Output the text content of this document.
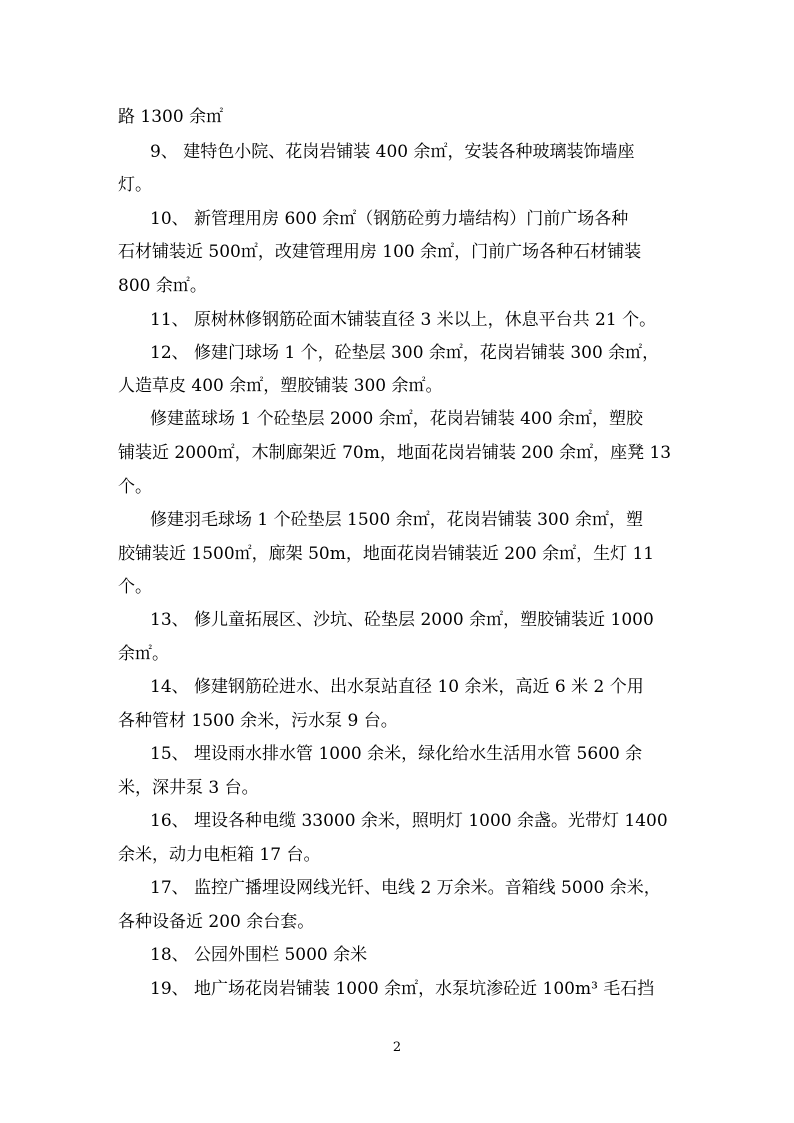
路 1300 余㎡
9、 建特色小院、花岗岩铺装 400 余㎡，安装各种玻璃装饰墙座
灯。
10、 新管理用房 600 余㎡（钢筋砼剪力墙结构）门前广场各种
石材铺装近 500㎡，改建管理用房 100 余㎡，门前广场各种石材铺装
800 余㎡。
11、 原树林修钢筋砼面木铺装直径 3 米以上，休息平台共 21 个。
12、 修建门球场 1 个，砼垫层 300 余㎡，花岗岩铺装 300 余㎡，
人造草皮 400 余㎡，塑胶铺装 300 余㎡。
修建蓝球场 1 个砼垫层 2000 余㎡，花岗岩铺装 400 余㎡，塑胶
铺装近 2000㎡，木制廊架近 70m，地面花岗岩铺装 200 余㎡，座凳 13
个。
修建羽毛球场 1 个砼垫层 1500 余㎡，花岗岩铺装 300 余㎡，塑
胶铺装近 1500㎡，廊架 50m，地面花岗岩铺装近 200 余㎡，生灯 11
个。
13、 修儿童拓展区、沙坑、砼垫层 2000 余㎡，塑胶铺装近 1000
余㎡。
14、 修建钢筋砼进水、出水泵站直径 10 余米，高近 6 米 2 个用
各种管材 1500 余米，污水泵 9 台。
15、 埋设雨水排水管 1000 余米，绿化给水生活用水管 5600 余
米，深井泵 3 台。
16、 埋设各种电缆 33000 余米，照明灯 1000 余盏。光带灯 1400
余米，动力电柜箱 17 台。
17、 监控广播埋设网线光钎、电线 2 万余米。音箱线 5000 余米，
各种设备近 200 余台套。
18、 公园外围栏 5000 余米
19、 地广场花岗岩铺装 1000 余㎡，水泵坑渗砼近 100m³ 毛石挡
2
